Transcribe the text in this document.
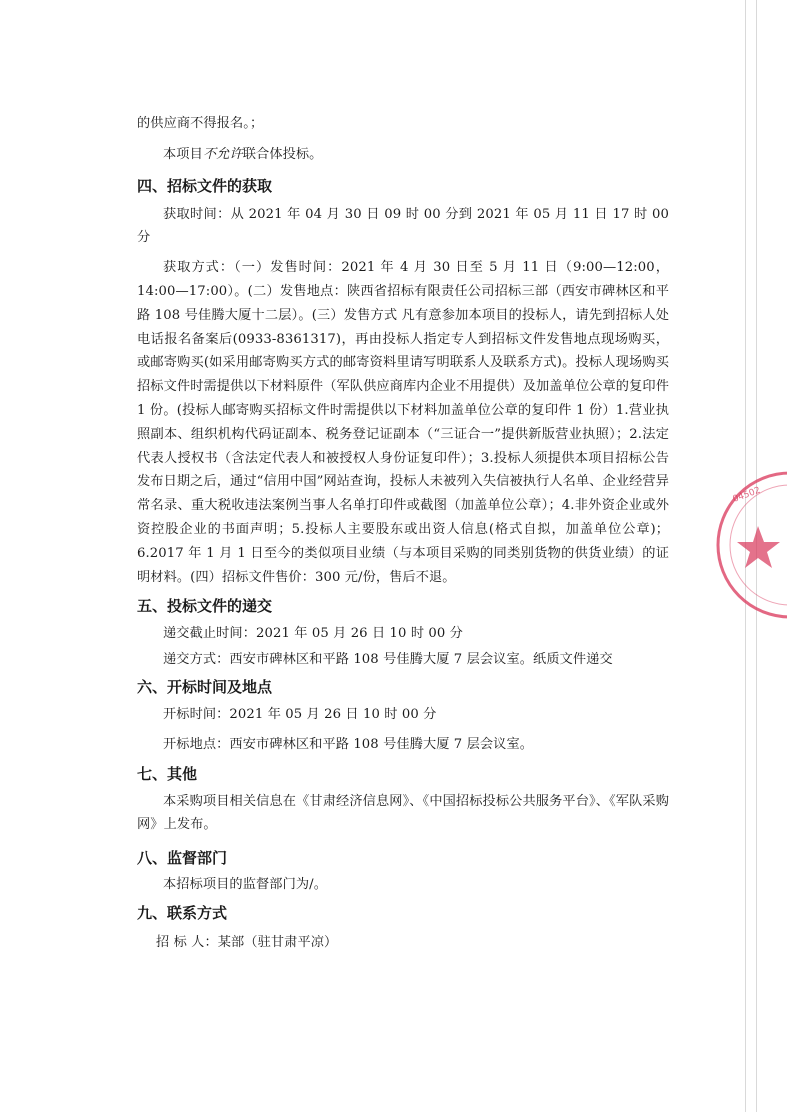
的供应商不得报名。；

本项目不允许联合体投标。

四、招标文件的获取

获取时间：从 2021 年 04 月 30 日 09 时 00 分到 2021 年 05 月 11 日 17 时 00 分

获取方式：（一）发售时间：2021 年 4 月 30 日至 5 月 11 日（9:00—12:00，14:00—17:00）。(二）发售地点：陕西省招标有限责任公司招标三部（西安市碑林区和平路 108 号佳腾大厦十二层）。(三）发售方式 凡有意参加本项目的投标人，请先到招标人处电话报名备案后(0933-8361317)，再由投标人指定专人到招标文件发售地点现场购买，或邮寄购买(如采用邮寄购买方式的邮寄资料里请写明联系人及联系方式)。投标人现场购买招标文件时需提供以下材料原件（军队供应商库内企业不用提供）及加盖单位公章的复印件 1 份。(投标人邮寄购买招标文件时需提供以下材料加盖单位公章的复印件 1 份）1.营业执照副本、组织机构代码证副本、税务登记证副本（“三证合一”提供新版营业执照）；2.法定代表人授权书（含法定代表人和被授权人身份证复印件）；3.投标人须提供本项目招标公告发布日期之后，通过“信用中国”网站查询，投标人未被列入失信被执行人名单、企业经营异常名录、重大税收违法案例当事人名单打印件或截图（加盖单位公章）；4.非外资企业或外资控股企业的书面声明；5.投标人主要股东或出资人信息(格式自拟，加盖单位公章)；6.2017 年 1 月 1 日至今的类似项目业绩（与本项目采购的同类别货物的供货业绩）的证明材料。(四）招标文件售价：300 元/份，售后不退。

五、投标文件的递交

递交截止时间：2021 年 05 月 26 日 10 时 00 分

递交方式：西安市碑林区和平路 108 号佳腾大厦 7 层会议室。纸质文件递交

六、开标时间及地点

开标时间：2021 年 05 月 26 日 10 时 00 分

开标地点：西安市碑林区和平路 108 号佳腾大厦 7 层会议室。

七、其他

本采购项目相关信息在《甘肃经济信息网》、《中国招标投标公共服务平台》、《军队采购网》上发布。

八、监督部门

本招标项目的监督部门为/。

九、联系方式

招 标 人：某部（驻甘肃平凉）

04502
